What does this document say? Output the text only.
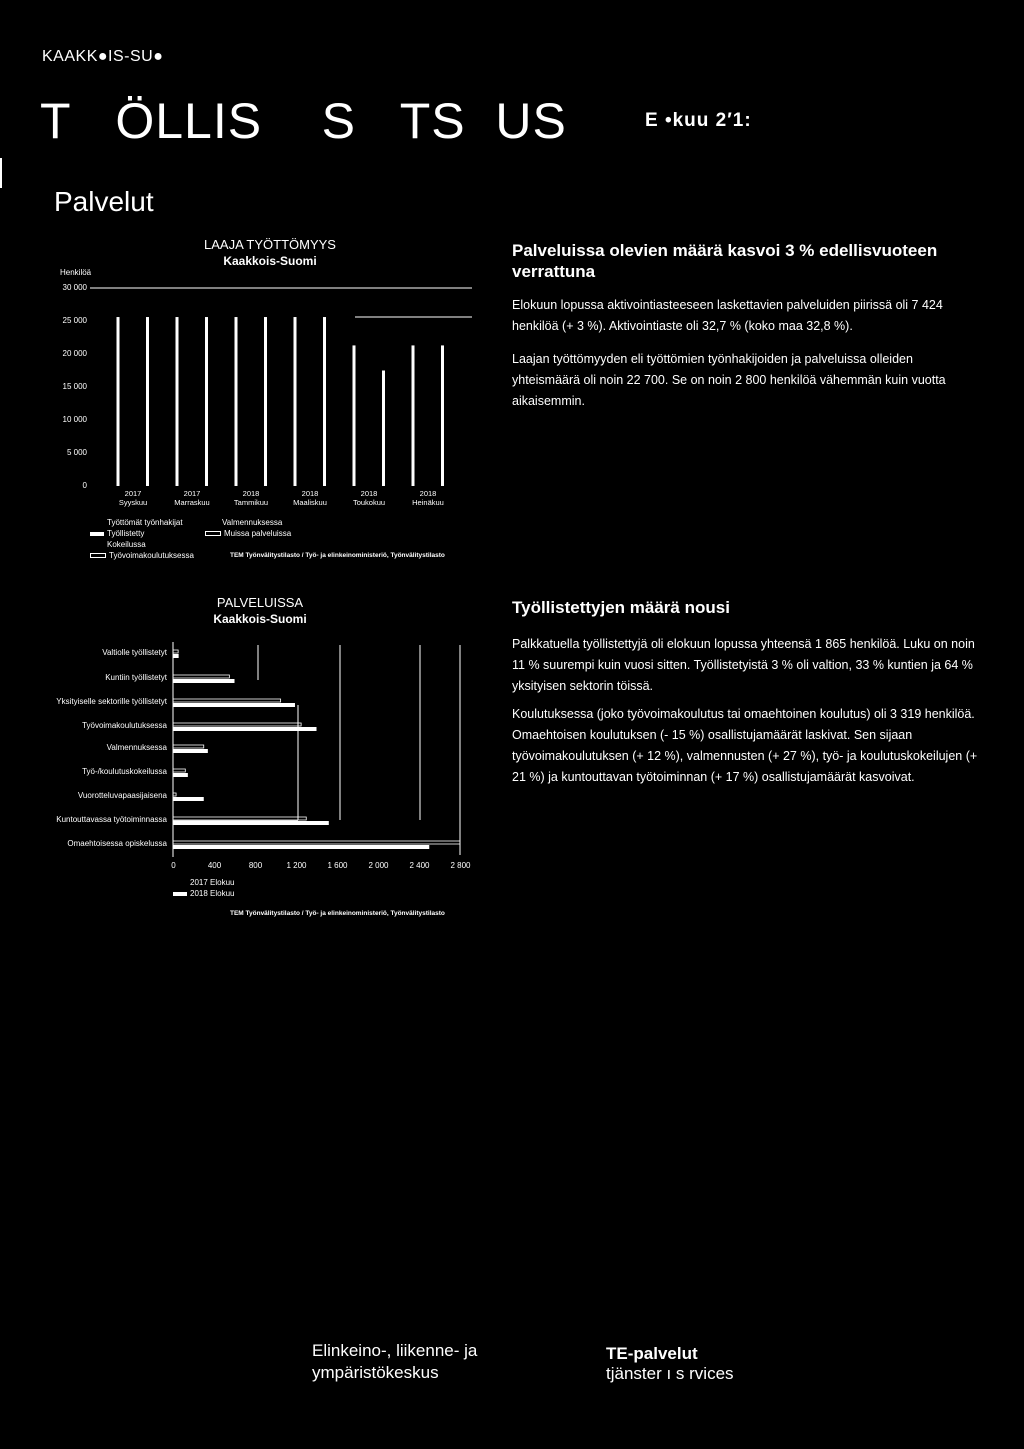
KAAKK●IS-SU●
T   ÖLLIS    S   TS  US	E •kuu 2′1:
Palvelut
LAAJA TYÖTTÖMYYS
Kaakkois-Suomi
Henkilöä
0
5 000
10 000
15 000
20 000
25 000
30 000
2017
Syyskuu
2017
Marraskuu
2018
Tammikuu
2018
Maaliskuu
2018
Toukokuu
2018
Heinäkuu
Työttömät työnhakijat
Työllistetty
Kokeilussa
Työvoimakoulutuksessa
Valmennuksessa
Muissa palveluissa
TEM Työnvälitystilasto / Työ- ja elinkeinoministeriö, Työnvälitystilasto
Palveluissa olevien määrä kasvoi 3 % edellisvuoteen verrattuna
Elokuun lopussa aktivointiasteeseen laskettavien palveluiden piirissä oli 7 424 henkilöä (+ 3 %). Aktivointiaste oli 32,7 % (koko maa 32,8 %).
Laajan työttömyyden eli työttömien työnhakijoiden ja palveluissa olleiden yhteismäärä oli noin 22 700. Se on noin 2 800 henkilöä vähemmän kuin vuotta aikaisemmin.
PALVELUISSA
Kaakkois-Suomi
Valtiolle työllistetyt
Kuntiin työllistetyt
Yksityiselle sektorille työllistetyt
Työvoimakoulutuksessa
Valmennuksessa
Työ-/koulutuskokeilussa
Vuorotteluvapaasijaisena
Kuntouttavassa työtoiminnassa
Omaehtoisessa opiskelussa
0	400	800	1 200	1 600	2 000	2 400	2 800
2017 Elokuu
2018 Elokuu
TEM Työnvälitystilasto / Työ- ja elinkeinoministeriö, Työnvälitystilasto
Työllistettyjen määrä nousi
Palkkatuella työllistettyjä oli elokuun lopussa yhteensä 1 865 henkilöä. Luku on noin 11 % suurempi kuin vuosi sitten. Työllistetyistä 3 % oli valtion, 33 % kuntien ja 64 % yksityisen sektorin töissä.
Koulutuksessa (joko työvoimakoulutus tai omaehtoinen koulutus) oli 3 319 henkilöä. Omaehtoisen koulutuksen (- 15 %) osallistujamäärät laskivat. Sen sijaan työvoimakoulutuksen (+ 12 %), valmennusten (+ 27 %), työ- ja koulutuskokeilujen (+ 21 %) ja kuntouttavan työtoiminnan (+ 17 %) osallistujamäärät kasvoivat.
Elinkeino-, liikenne- ja
ympäristökeskus
TE-palvelut
tjänster ı s rvices
